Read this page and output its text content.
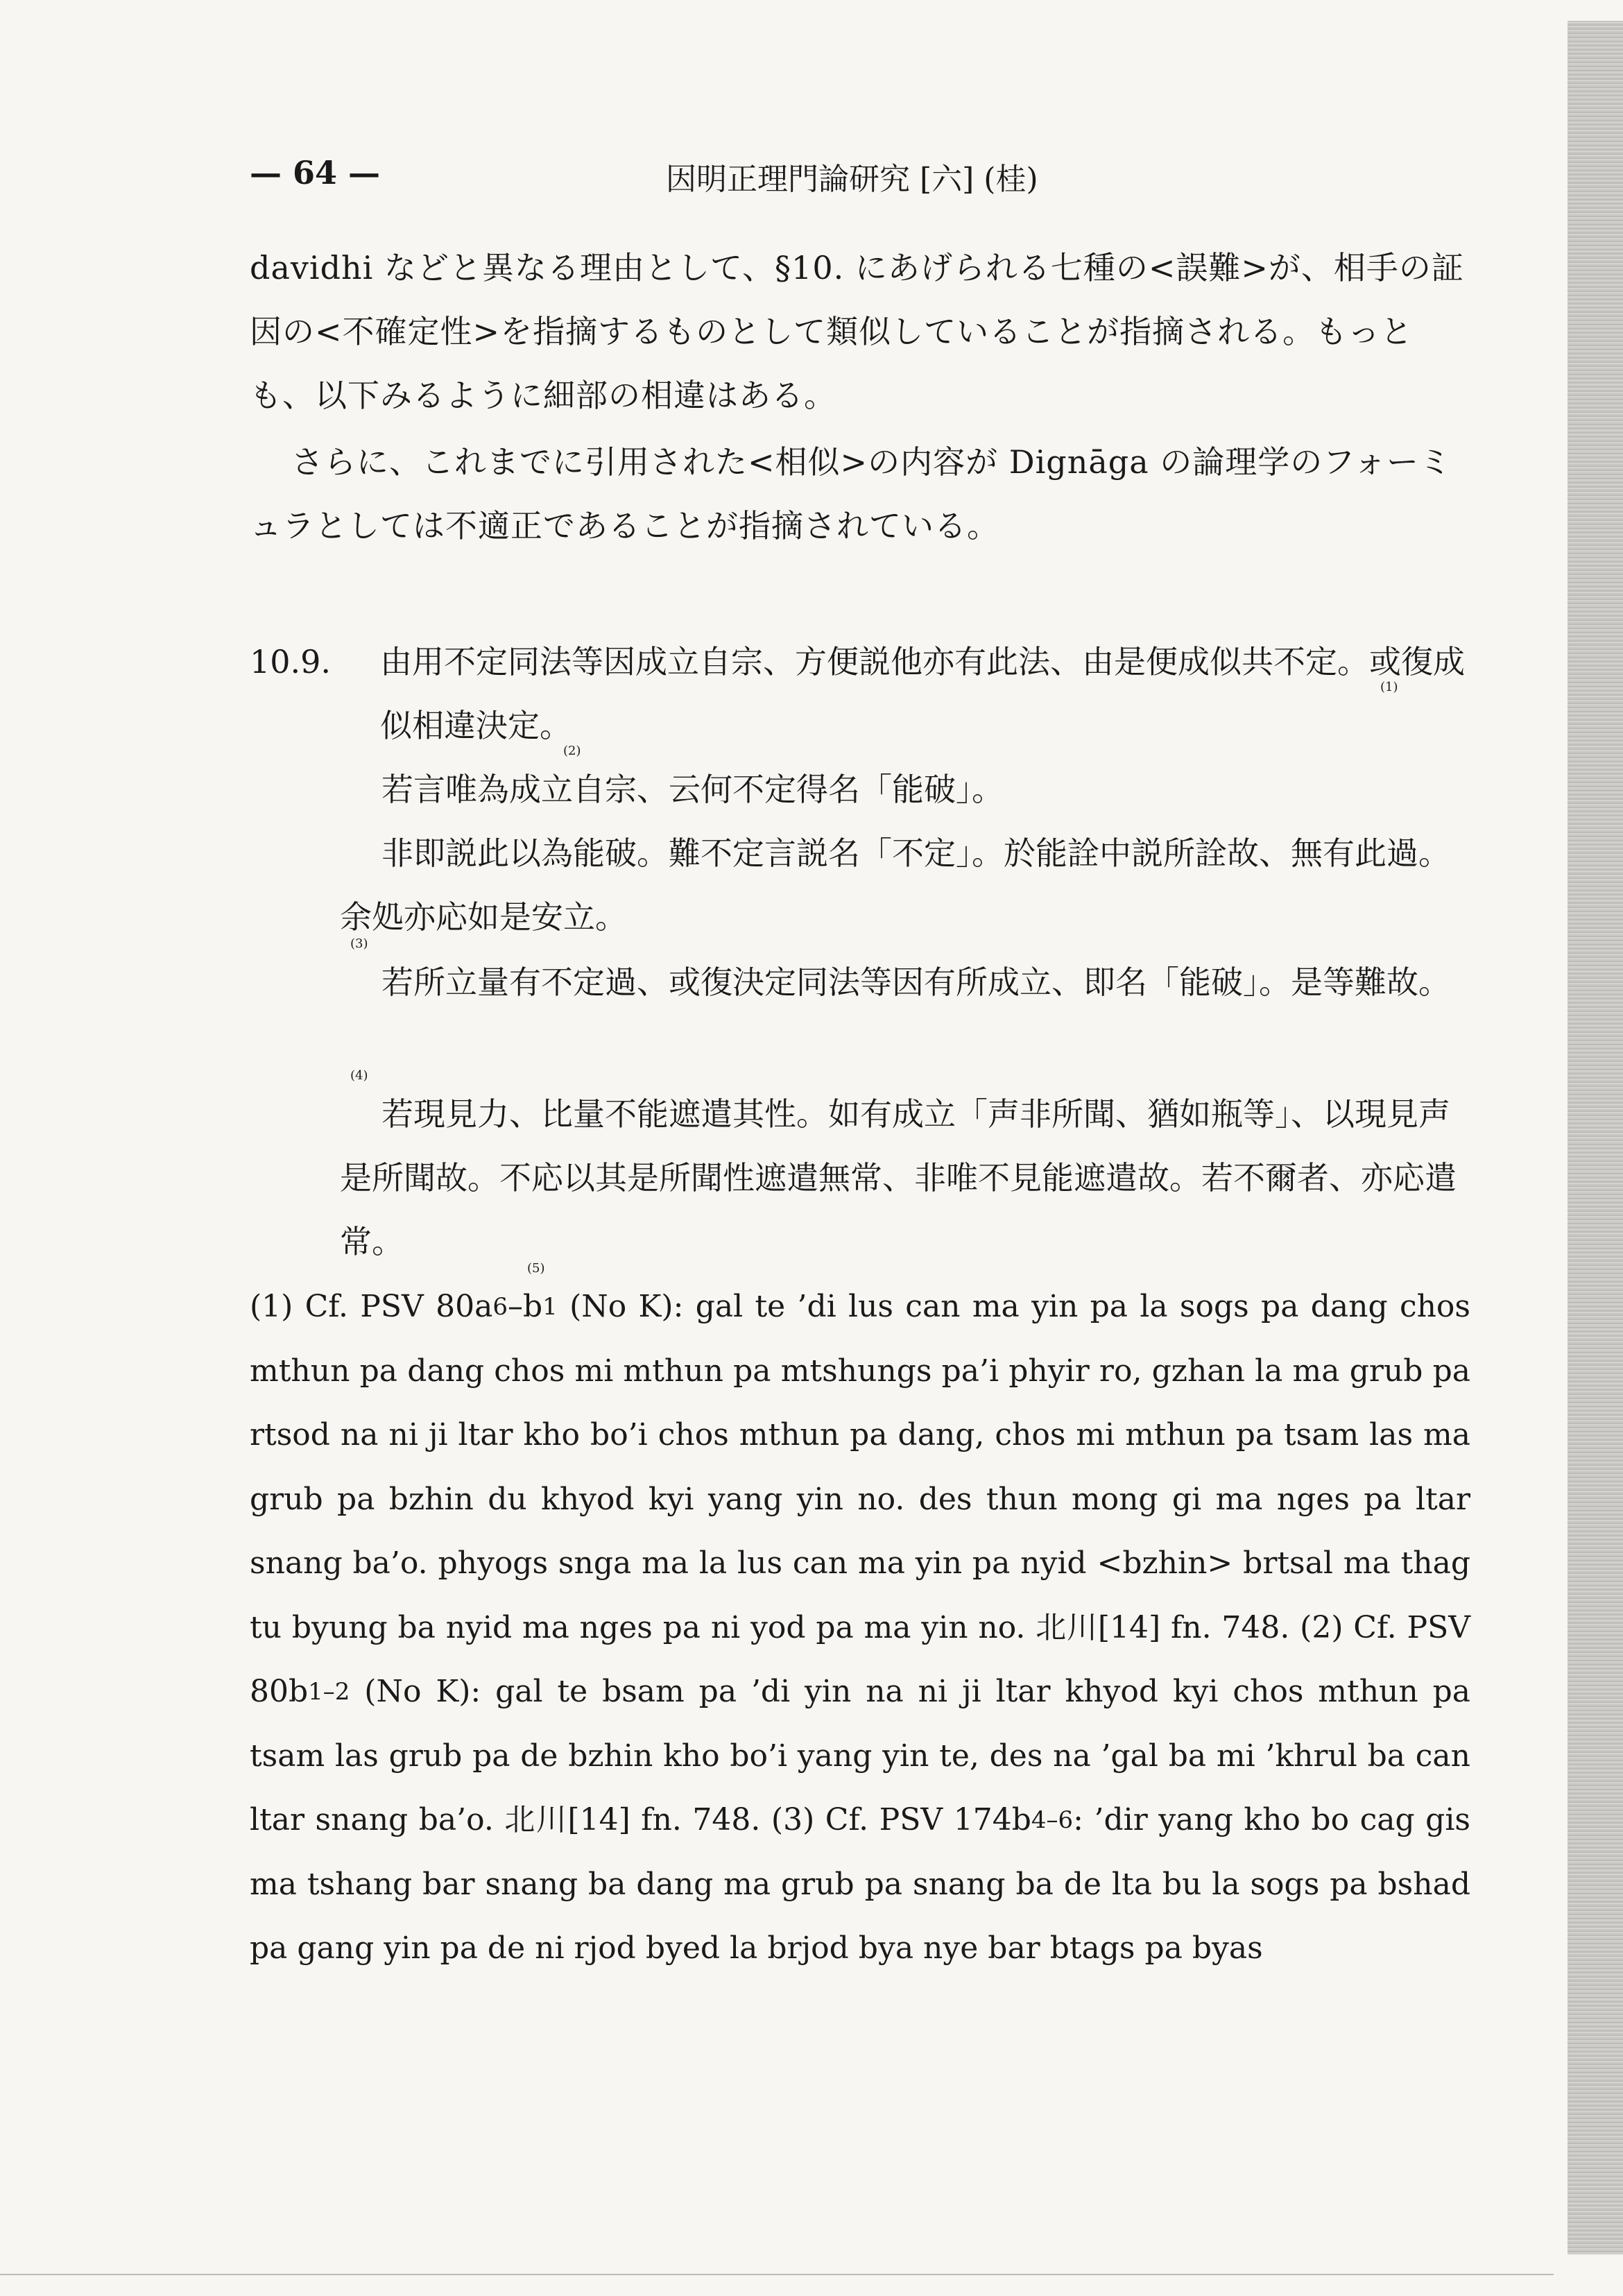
— 64 —	因明正理門論研究 [六] (桂)
davidhi などと異なる理由として、§10. にあげられる七種の<誤難>が、相手の証因の<不確定性>を指摘するものとして類似していることが指摘される。もっとも、以下みるように細部の相違はある。
さらに、これまでに引用された<相似>の内容が Dignāga の論理学のフォーミュラとしては不適正であることが指摘されている。
10.9. 由用不定同法等因成立自宗、方便説他亦有此法、由是便成似共不定。或復成似相違決定。
若言唯為成立自宗、云何不定得名「能破」。
非即説此以為能破。難不定言説名「不定」。於能詮中説所詮故、無有此過。余処亦応如是安立。
若所立量有不定過、或復決定同法等因有所成立、即名「能破」。是等難故。
若現見力、比量不能遮遣其性。如有成立「声非所聞、猶如瓶等」、以現見声是所聞故。不応以其是所聞性遮遣無常、非唯不見能遮遣故。若不爾者、亦応遣常。
(1) Cf. PSV 80a$^6$–b$^1$ (No K): gal te ’di lus can ma yin pa la sogs pa dang chos mthun pa dang chos mi mthun pa mtshungs pa’i phyir ro, gzhan la ma grub pa rtsod na ni ji ltar kho bo’i chos mthun pa dang, chos mi mthun pa tsam las ma grub pa bzhin du khyod kyi yang yin no. des thun mong gi ma nges pa ltar snang ba’o. phyogs snga ma la lus can ma yin pa nyid <bzhin> brtsal ma thag tu byung ba nyid ma nges pa ni yod pa ma yin no. 北川[14] fn. 748. (2) Cf. PSV 80b$^{1-2}$ (No K): gal te bsam pa ’di yin na ni ji ltar khyod kyi chos mthun pa tsam las grub pa de bzhin kho bo’i yang yin te, des na ’gal ba mi ’khrul ba can ltar snang ba’o. 北川[14] fn. 748. (3) Cf. PSV 174b$^{4-6}$: ’dir yang kho bo cag gis ma tshang bar snang ba dang ma grub pa snang ba de lta bu la sogs pa bshad pa gang yin pa de ni rjod byed la brjod bya nye bar btags pa byas
(1)
(2)
(3)
(4)
(5)
